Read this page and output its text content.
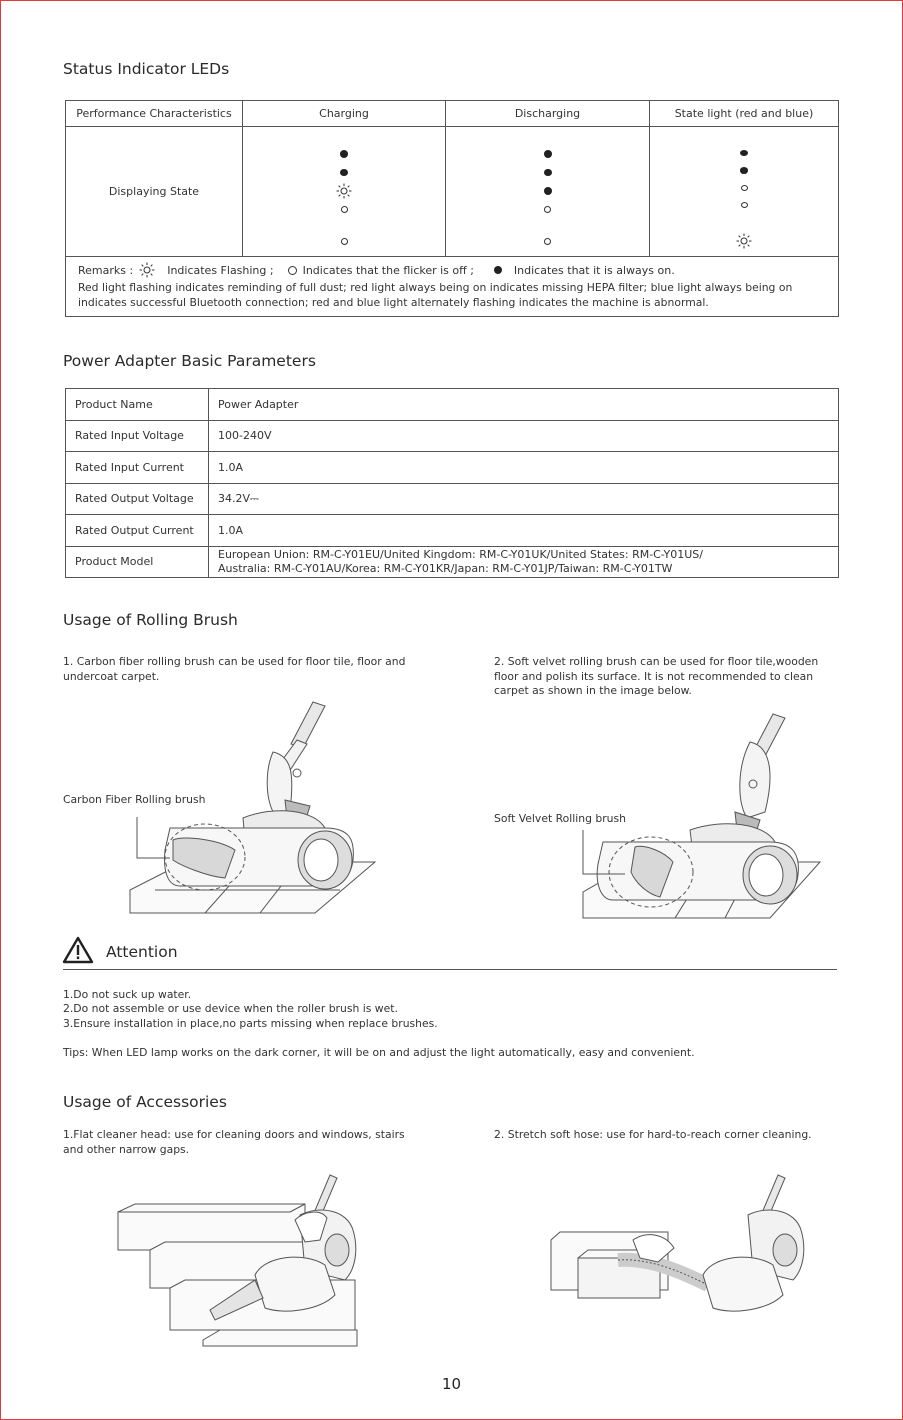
Status Indicator LEDs
Performance Characteristics	Charging	Discharging	State light (red and blue)
Displaying State	

Remarks :	Indicates Flashing ;	Indicates that the flicker is off ;	Indicates that it is always on.
Red light flashing indicates reminding of full dust; red light always being on indicates missing HEPA filter; blue light always being on indicates successful Bluetooth connection; red and blue light alternately flashing indicates the machine is abnormal.
Power Adapter Basic Parameters
Product Name	Power Adapter
Rated Input Voltage	100-240V
Rated Input Current	1.0A
Rated Output Voltage	34.2V⎓
Rated Output Current	1.0A
Product Model	European Union: RM-C-Y01EU/United Kingdom: RM-C-Y01UK/United States: RM-C-Y01US/
Australia: RM-C-Y01AU/Korea: RM-C-Y01KR/Japan: RM-C-Y01JP/Taiwan: RM-C-Y01TW
Usage of Rolling Brush
1. Carbon fiber rolling brush can be used for floor tile, floor and undercoat carpet.
2. Soft velvet rolling brush can be used for floor tile,wooden floor and polish its surface. It is not recommended to clean carpet as shown in the image below.
Carbon Fiber Rolling brush
Soft Velvet Rolling brush
Attention
1.Do not suck up water.
2.Do not assemble or use device when the roller brush is wet.
3.Ensure installation in place,no parts missing when replace brushes.
Tips: When LED lamp works on the dark corner, it will be on and adjust the light automatically, easy and convenient.
Usage of Accessories
1.Flat cleaner head: use for cleaning doors and windows, stairs and other narrow gaps.
2. Stretch soft hose: use for hard-to-reach corner cleaning.
10
